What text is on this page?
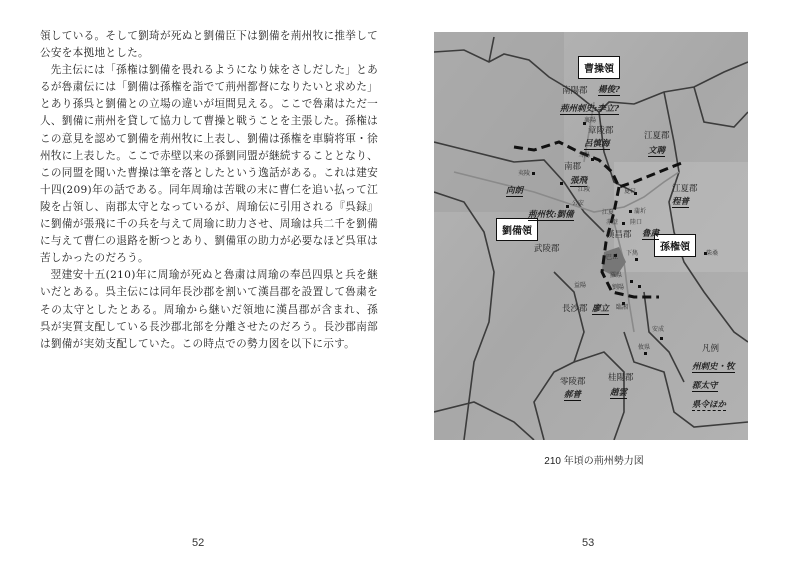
領している。そして劉琦が死ぬと劉備臣下は劉備を荊州牧に推挙して公安を本拠地とした。

先主伝には「孫権は劉備を畏れるようになり妹をさしだした」とあるが魯粛伝には「劉備は孫権を詣でて荊州都督になりたいと求めた」とあり孫呉と劉備との立場の違いが垣間見える。ここで魯粛はただ一人、劉備に荊州を貸して協力して曹操と戦うことを主張した。孫権はこの意見を認めて劉備を荊州牧に上表し、劉備は孫権を車騎将軍・徐州牧に上表した。ここで赤壁以来の孫劉同盟が継続することとなり、この同盟を聞いた曹操は筆を落としたという逸話がある。これは建安十四(209)年の話である。同年周瑜は苦戦の末に曹仁を追い払って江陵を占領し、南郡太守となっているが、周瑜伝に引用される『呉録』に劉備が張飛に千の兵を与えて周瑜に助力させ、周瑜は兵二千を劉備に与えて曹仁の退路を断つとあり、劉備軍の助力が必要なほど呉軍は苦しかったのだろう。

翌建安十五(210)年に周瑜が死ぬと魯粛は周瑜の奉邑四県と兵を継いだとある。呉主伝には同年長沙郡を割いて漢昌郡を設置して魯粛をその太守としたとある。周瑜から継いだ領地に漢昌郡が含まれ、孫呉が実質支配している長沙郡北部を分離させたのだろう。長沙郡南部は劉備が実効支配していた。この時点での勢力図を以下に示す。

52
曹操領
劉備領
孫権領
南陽郡 楊俊?
荊州刺史:李立?
襄陽
章陵郡
呂慎海
江夏郡
文聘
当陽
南郡
張飛
夷陵
向朗	江陵
公安
荊州牧:劉備
夏口
江夏	蒲圻
赤壁 陸口
江夏郡
程普
漢昌郡 魯粛
巴丘
下雋	柴桑
武陵郡
益陽
羅県
劉陽
臨湘
長沙郡 廖立
安成
攸県
零陵郡
郝普
桂陽郡
趙雲
凡例
州刺史・牧
郡太守
県令ほか
210 年頃の荊州勢力図
53
